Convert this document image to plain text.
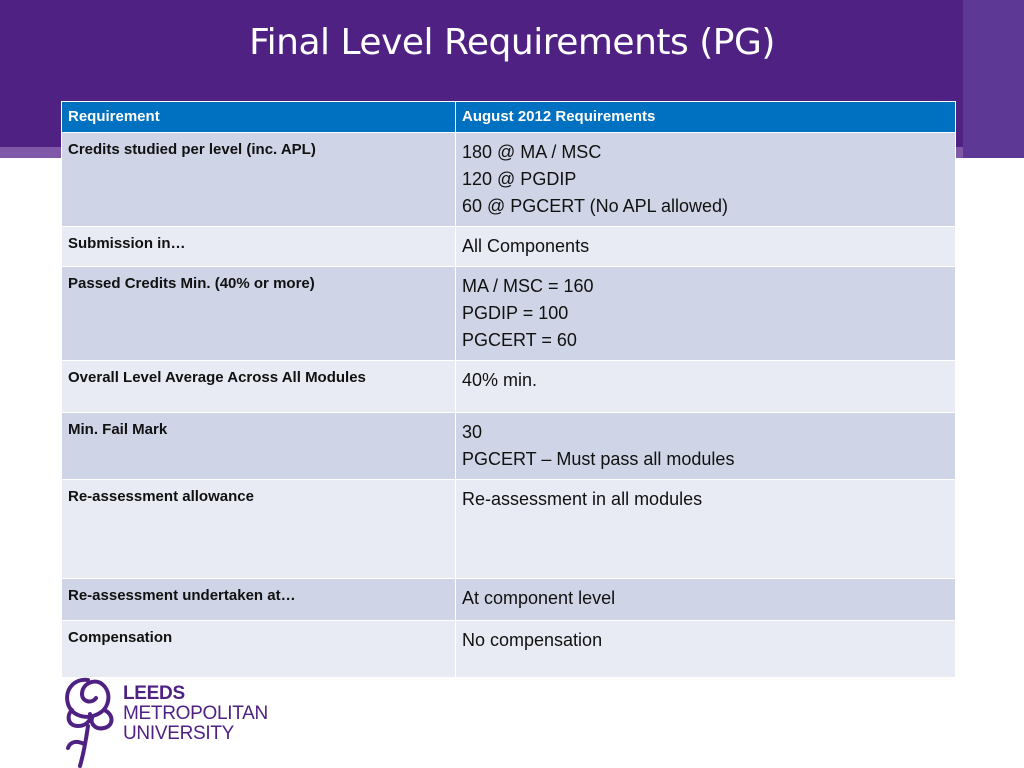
Final Level Requirements (PG)
Requirement	August 2012 Requirements
Credits studied per level (inc. APL)	180 @ MA / MSC
120 @ PGDIP
60 @ PGCERT (No APL allowed)

Submission in…	All Components

Passed Credits Min. (40% or more)	MA / MSC = 160
PGDIP = 100
PGCERT = 60

Overall Level Average Across All Modules	40% min.

Min. Fail Mark	30
PGCERT – Must pass all modules

Re-assessment allowance	Re-assessment in all modules

Re-assessment undertaken at…	At component level

Compensation	No compensation
LEEDS
METROPOLITAN
UNIVERSITY
